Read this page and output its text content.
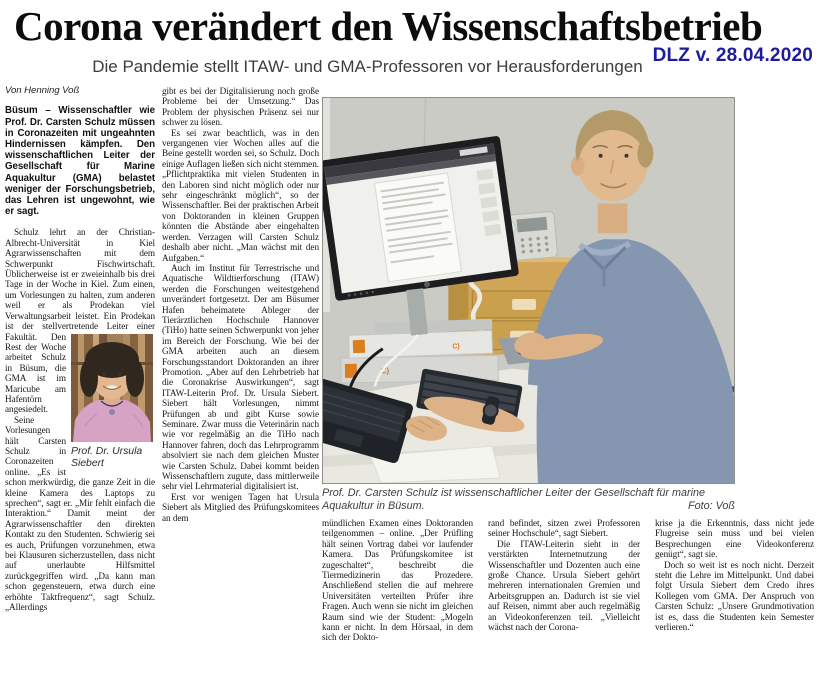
Corona verändert den Wissenschaftsbetrieb

Die Pandemie stellt ITAW- und GMA-Professoren vor Herausforderungen

DLZ v. 28.04.2020

Von Henning Voß

Büsum – Wissenschaftler wie Prof. Dr. Carsten Schulz müssen in Coronazeiten mit ungeahnten Hindernissen kämpfen. Den wissenschaftlichen Leiter der Gesellschaft für Marine Aquakultur (GMA) belastet weniger der Forschungsbetrieb, das Lehren ist ungewohnt, wie er sagt.

Schulz lehrt an der Christian-Albrecht-Universität in Kiel Agrarwissenschaften mit dem Schwerpunkt Fischwirtschaft. Üblicherweise ist er zweieinhalb bis drei Tage in der Woche in Kiel. Zum einen, um Vorlesungen zu halten, zum anderen weil er als Prodekan viel Verwaltungsarbeit leistet. Ein Prodekan ist der stellvertretende
Prof. Dr. Ursula Siebert
Leiter einer Fakultät. Den Rest der Woche arbeitet Schulz in Büsum, die GMA ist im Maricube am Hafentörn angesiedelt.

Seine Vorlesungen hält Carsten Schulz in Coronazeiten online. „Es ist schon merkwürdig, die ganze Zeit in die kleine Kamera des Laptops zu sprechen“, sagt er. „Mir fehlt einfach die Interaktion.“ Damit meint der Agrarwissenschaftler den direkten Kontakt zu den Studenten. Schwierig sei es auch, Prüfungen vorzunehmen, etwa bei Klausuren sicherzustellen, dass nicht auf unerlaubte Hilfsmittel zurückgegriffen wird. „Da kann man schon gegensteuern, etwa durch eine erhöhte Taktfrequenz“, sagt Schulz. „Allerdings

gibt es bei der Digitalisierung noch große Probleme bei der Umsetzung.“ Das Problem der physischen Präsenz sei nur schwer zu lösen.

Es sei zwar beachtlich, was in den vergangenen vier Wochen alles auf die Beine gestellt worden sei, so Schulz. Doch einige Auflagen ließen sich nicht stemmen. „Pflichtpraktika mit vielen Studenten in den Laboren sind nicht möglich oder nur sehr eingeschränkt möglich“, so der Wissenschaftler. Bei der praktischen Arbeit von Doktoranden in kleinen Gruppen könnten die Abstände aber eingehalten werden. Verzagen will Carsten Schulz deshalb aber nicht. „Man wächst mit den Aufgaben.“

Auch im Institut für Terrestrische und Aquatische Wildtierforschung (ITAW) werden die Forschungen weitestgehend unverändert fortgesetzt. Der am Büsumer Hafen beheimatete Ableger der Tierärztlichen Hochschule Hannover (TiHo) hatte seinen Schwerpunkt von jeher im Bereich der Forschung. Wie bei der GMA arbeiten auch an diesem Forschungsstandort Doktoranden an ihrer Promotion. „Aber auf den Lehrbetrieb hat die Coronakrise Auswirkungen“, sagt ITAW-Leiterin Prof. Dr. Ursula Siebert. Siebert hält Vorlesungen, nimmt Prüfungen ab und gibt Kurse sowie Seminare. Zwar muss die Veterinärin nach wie vor regelmäßig an die TiHo nach Hannover fahren, doch das Lehrprogramm absolviert sie nach dem gleichen Muster wie Carsten Schulz. Dabei kommt beiden Wissenschaftlern zugute, dass mittlerweile sehr viel Lehrmaterial digitalisiert ist.

Erst vor wenigen Tagen hat Ursula Siebert als Mitglied des Prüfungskomitees an dem

C)
C)
Prof. Dr. Carsten Schulz ist wissenschaftlicher Leiter der Gesellschaft für marine Aquakultur in Büsum.	Foto: Voß

mündlichen Examen eines Doktoranden teilgenommen – online. „Der Prüfling hält seinen Vortrag dabei vor laufender Kamera. Das Prüfungskomitee ist zugeschaltet“, beschreibt die Tiermedizinerin das Prozedere. Anschließend stellen die auf mehrere Universitäten verteilten Prüfer ihre Fragen. Auch wenn sie nicht im gleichen Raum sind wie der Student: „Mogeln kann er nicht. In dem Hörsaal, in dem sich der Dokto-

rand befindet, sitzen zwei Professoren seiner Hochschule“, sagt Siebert.

Die ITAW-Leiterin sieht in der verstärkten Internetnutzung der Wissenschaftler und Dozenten auch eine große Chance. Ursula Siebert gehört mehreren internationalen Gremien und Arbeitsgruppen an. Dadurch ist sie viel auf Reisen, nimmt aber auch regelmäßig an Videokonferenzen teil. „Vielleicht wächst nach der Corona-

krise ja die Erkenntnis, dass nicht jede Flugreise sein muss und bei vielen Besprechungen eine Videokonferenz genügt“, sagt sie.

Doch so weit ist es noch nicht. Derzeit steht die Lehre im Mittelpunkt. Und dabei folgt Ursula Siebert dem Credo ihres Kollegen vom GMA. Der Anspruch von Carsten Schulz: „Unsere Grundmotivation ist es, dass die Studenten kein Semester verlieren.“
